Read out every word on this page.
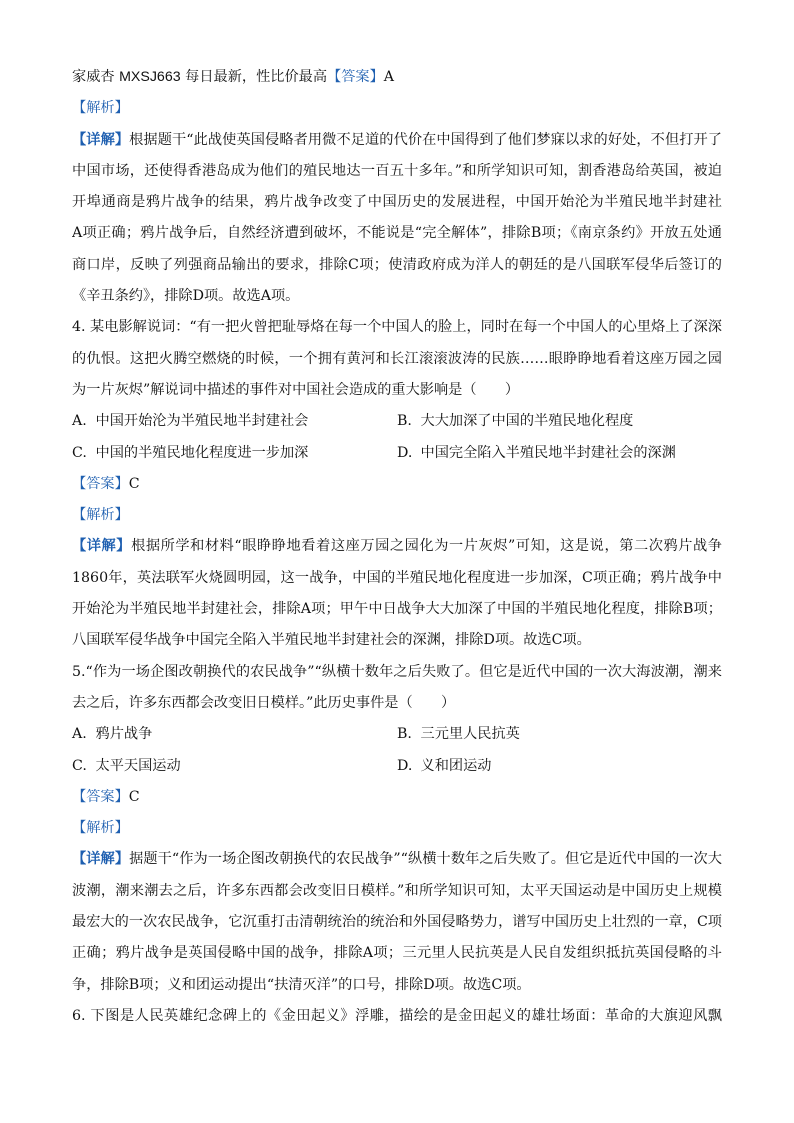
家威杏 MXSJ663 每日最新，性比价最高【答案】A
【解析】
【详解】根据题干“此战使英国侵略者用微不足道的代价在中国得到了他们梦寐以求的好处，不但打开了
中国市场，还使得香港岛成为他们的殖民地达一百五十多年。”和所学知识可知，割香港岛给英国，被迫
开埠通商是鸦片战争的结果，鸦片战争改变了中国历史的发展进程，中国开始沦为半殖民地半封建社
A项正确；鸦片战争后，自然经济遭到破坏，不能说是“完全解体”，排除B项；《南京条约》开放五处通
商口岸，反映了列强商品输出的要求，排除C项；使清政府成为洋人的朝廷的是八国联军侵华后签订的
《辛丑条约》，排除D项。故选A项。
4. 某电影解说词：“有一把火曾把耻辱烙在每一个中国人的脸上，同时在每一个中国人的心里烙上了深深
的仇恨。这把火腾空燃烧的时候，一个拥有黄河和长江滚滚波涛的民族……眼睁睁地看着这座万园之园
为一片灰烬”解说词中描述的事件对中国社会造成的重大影响是（　　）
A. 中国开始沦为半殖民地半封建社会	B. 大大加深了中国的半殖民地化程度
C. 中国的半殖民地化程度进一步加深	D. 中国完全陷入半殖民地半封建社会的深渊
【答案】C
【解析】
【详解】根据所学和材料“眼睁睁地看着这座万园之园化为一片灰烬”可知，这是说，第二次鸦片战争
1860年，英法联军火烧圆明园，这一战争，中国的半殖民地化程度进一步加深，C项正确；鸦片战争中
开始沦为半殖民地半封建社会，排除A项；甲午中日战争大大加深了中国的半殖民地化程度，排除B项；
八国联军侵华战争中国完全陷入半殖民地半封建社会的深渊，排除D项。故选C项。
5.“作为一场企图改朝换代的农民战争”“纵横十数年之后失败了。但它是近代中国的一次大海波潮，潮来
去之后，许多东西都会改变旧日模样。”此历史事件是（　　）
A. 鸦片战争	B. 三元里人民抗英
C. 太平天国运动	D. 义和团运动
【答案】C
【解析】
【详解】据题干“作为一场企图改朝换代的农民战争”“纵横十数年之后失败了。但它是近代中国的一次大
波潮，潮来潮去之后，许多东西都会改变旧日模样。”和所学知识可知，太平天国运动是中国历史上规模
最宏大的一次农民战争，它沉重打击清朝统治的统治和外国侵略势力，谱写中国历史上壮烈的一章，C项
正确；鸦片战争是英国侵略中国的战争，排除A项；三元里人民抗英是人民自发组织抵抗英国侵略的斗
争，排除B项；义和团运动提出“扶清灭洋”的口号，排除D项。故选C项。
6. 下图是人民英雄纪念碑上的《金田起义》浮雕，描绘的是金田起义的雄壮场面：革命的大旗迎风飘
